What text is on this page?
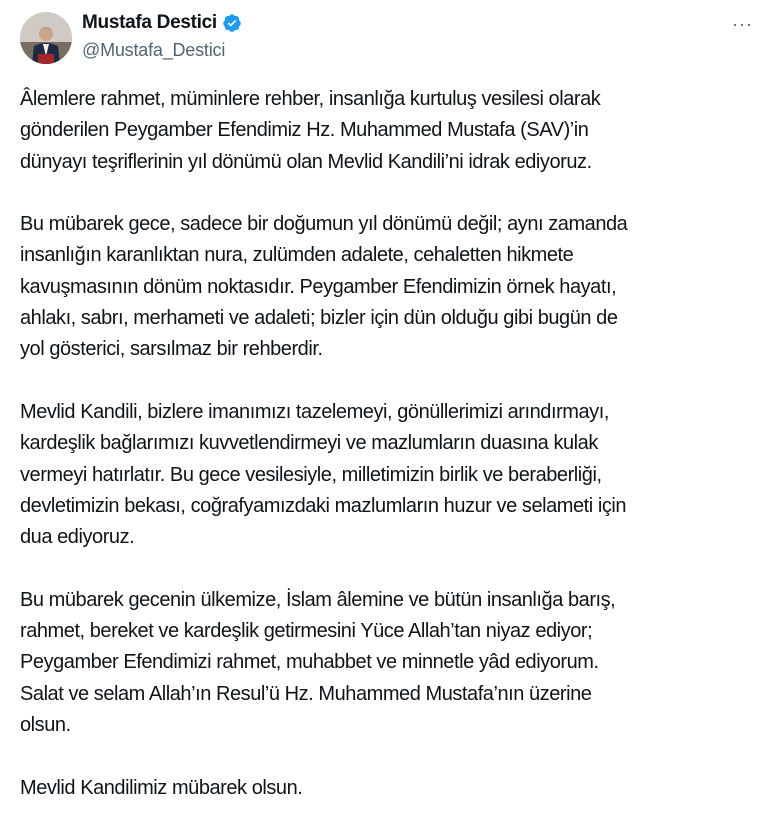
Mustafa Destici
@Mustafa_Destici
···

Âlemlere rahmet, müminlere rehber, insanlığa kurtuluş vesilesi olarak
gönderilen Peygamber Efendimiz Hz. Muhammed Mustafa (SAV)’in
dünyayı teşriflerinin yıl dönümü olan Mevlid Kandili’ni idrak ediyoruz.

Bu mübarek gece, sadece bir doğumun yıl dönümü değil; aynı zamanda
insanlığın karanlıktan nura, zulümden adalete, cehaletten hikmete
kavuşmasının dönüm noktasıdır. Peygamber Efendimizin örnek hayatı,
ahlakı, sabrı, merhameti ve adaleti; bizler için dün olduğu gibi bugün de
yol gösterici, sarsılmaz bir rehberdir.

Mevlid Kandili, bizlere imanımızı tazelemeyi, gönüllerimizi arındırmayı,
kardeşlik bağlarımızı kuvvetlendirmeyi ve mazlumların duasına kulak
vermeyi hatırlatır. Bu gece vesilesiyle, milletimizin birlik ve beraberliği,
devletimizin bekası, coğrafyamızdaki mazlumların huzur ve selameti için
dua ediyoruz.

Bu mübarek gecenin ülkemize, İslam âlemine ve bütün insanlığa barış,
rahmet, bereket ve kardeşlik getirmesini Yüce Allah’tan niyaz ediyor;
Peygamber Efendimizi rahmet, muhabbet ve minnetle yâd ediyorum.
Salat ve selam Allah’ın Resul’ü Hz. Muhammed Mustafa’nın üzerine
olsun.

Mevlid Kandilimiz mübarek olsun.
